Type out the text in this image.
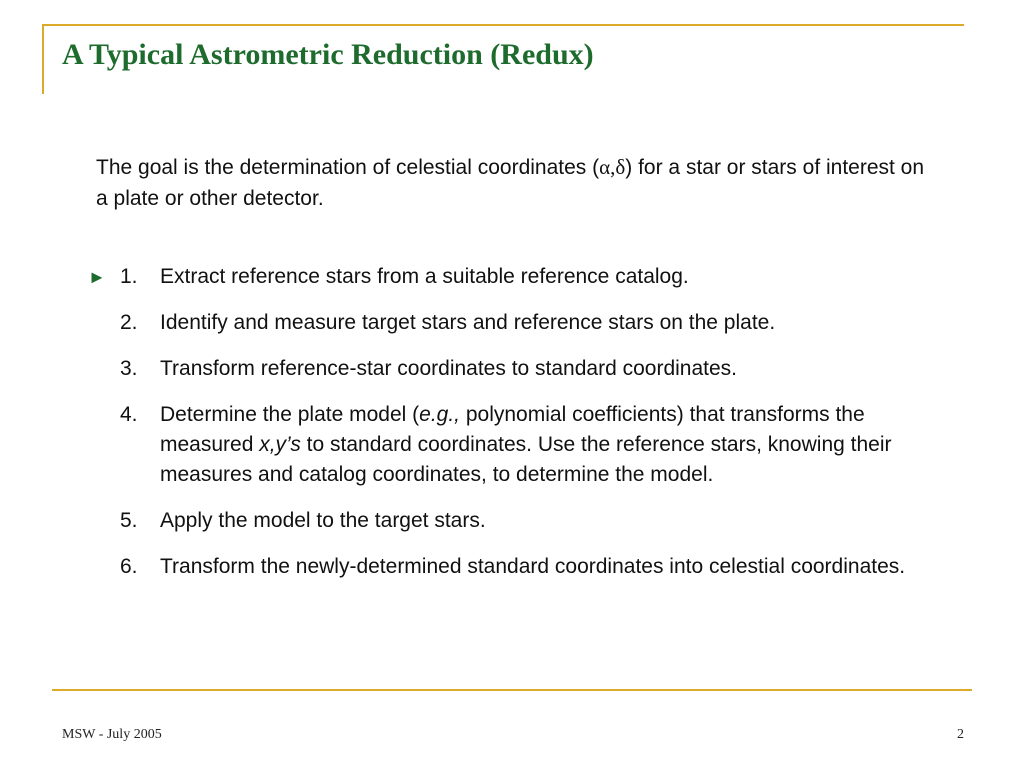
A Typical Astrometric Reduction (Redux)

The goal is the determination of celestial coordinates (α,δ) for a star or stars of interest on a plate or other detector.

► 1.	Extract reference stars from a suitable reference catalog.
2.	Identify and measure target stars and reference stars on the plate.
3.	Transform reference-star coordinates to standard coordinates.
4.	Determine the plate model (e.g., polynomial coefficients) that transforms the measured x,y’s to standard coordinates. Use the reference stars, knowing their measures and catalog coordinates, to determine the model.
5.	Apply the model to the target stars.
6.	Transform the newly-determined standard coordinates into celestial coordinates.
MSW - July 2005	2
